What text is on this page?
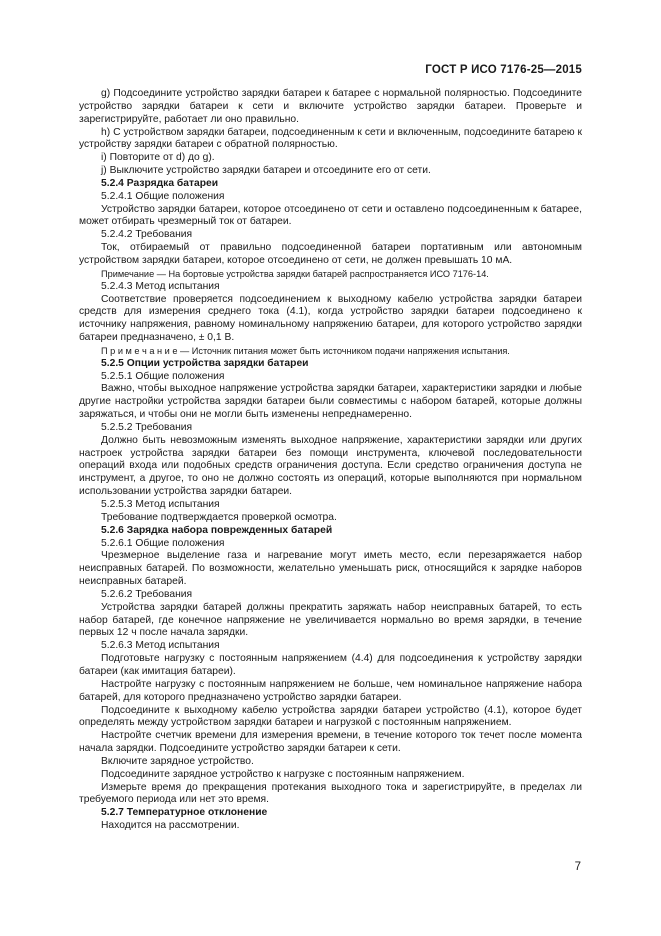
ГОСТ Р ИСО 7176-25—2015

g) Подсоедините устройство зарядки батареи к батарее с нормальной полярностью. Подсоедините устройство зарядки батареи к сети и включите устройство зарядки батареи. Проверьте и зарегистрируйте, работает ли оно правильно.

h) С устройством зарядки батареи, подсоединенным к сети и включенным, подсоедините батарею к устройству зарядки батареи с обратной полярностью.

i) Повторите от d) до g).

j) Выключите устройство зарядки батареи и отсоедините его от сети.

5.2.4 Разрядка батареи

5.2.4.1 Общие положения

Устройство зарядки батареи, которое отсоединено от сети и оставлено подсоединенным к батарее, может отбирать чрезмерный ток от батареи.

5.2.4.2 Требования

Ток, отбираемый от правильно подсоединенной батареи портативным или автономным устройством зарядки батареи, которое отсоединено от сети, не должен превышать 10 мА.

Примечание — На бортовые устройства зарядки батарей распространяется ИСО 7176-14.

5.2.4.3 Метод испытания

Соответствие проверяется подсоединением к выходному кабелю устройства зарядки батареи средств для измерения среднего тока (4.1), когда устройство зарядки батареи подсоединено к источнику напряжения, равному номинальному напряжению батареи, для которого устройство зарядки батареи предназначено, ± 0,1 В.

П р и м е ч а н и е — Источник питания может быть источником подачи напряжения испытания.

5.2.5 Опции устройства зарядки батареи

5.2.5.1 Общие положения

Важно, чтобы выходное напряжение устройства зарядки батареи, характеристики зарядки и любые другие настройки устройства зарядки батареи были совместимы с набором батарей, которые должны заряжаться, и чтобы они не могли быть изменены непреднамеренно.

5.2.5.2 Требования

Должно быть невозможным изменять выходное напряжение, характеристики зарядки или других настроек устройства зарядки батареи без помощи инструмента, ключевой последовательности операций входа или подобных средств ограничения доступа. Если средство ограничения доступа не инструмент, а другое, то оно не должно состоять из операций, которые выполняются при нормальном использовании устройства зарядки батареи.

5.2.5.3 Метод испытания

Требование подтверждается проверкой осмотра.

5.2.6 Зарядка набора поврежденных батарей

5.2.6.1 Общие положения

Чрезмерное выделение газа и нагревание могут иметь место, если перезаряжается набор неисправных батарей. По возможности, желательно уменьшать риск, относящийся к зарядке наборов неисправных батарей.

5.2.6.2 Требования

Устройства зарядки батарей должны прекратить заряжать набор неисправных батарей, то есть набор батарей, где конечное напряжение не увеличивается нормально во время зарядки, в течение первых 12 ч после начала зарядки.

5.2.6.3 Метод испытания

Подготовьте нагрузку с постоянным напряжением (4.4) для подсоединения к устройству зарядки батареи (как имитация батареи).

Настройте нагрузку с постоянным напряжением не больше, чем номинальное напряжение набора батарей, для которого предназначено устройство зарядки батареи.

Подсоедините к выходному кабелю устройства зарядки батареи устройство (4.1), которое будет определять между устройством зарядки батареи и нагрузкой с постоянным напряжением.

Настройте счетчик времени для измерения времени, в течение которого ток течет после момента начала зарядки. Подсоедините устройство зарядки батареи к сети.

Включите зарядное устройство.

Подсоедините зарядное устройство к нагрузке с постоянным напряжением.

Измерьте время до прекращения протекания выходного тока и зарегистрируйте, в пределах ли требуемого периода или нет это время.

5.2.7 Температурное отклонение

Находится на рассмотрении.

7
